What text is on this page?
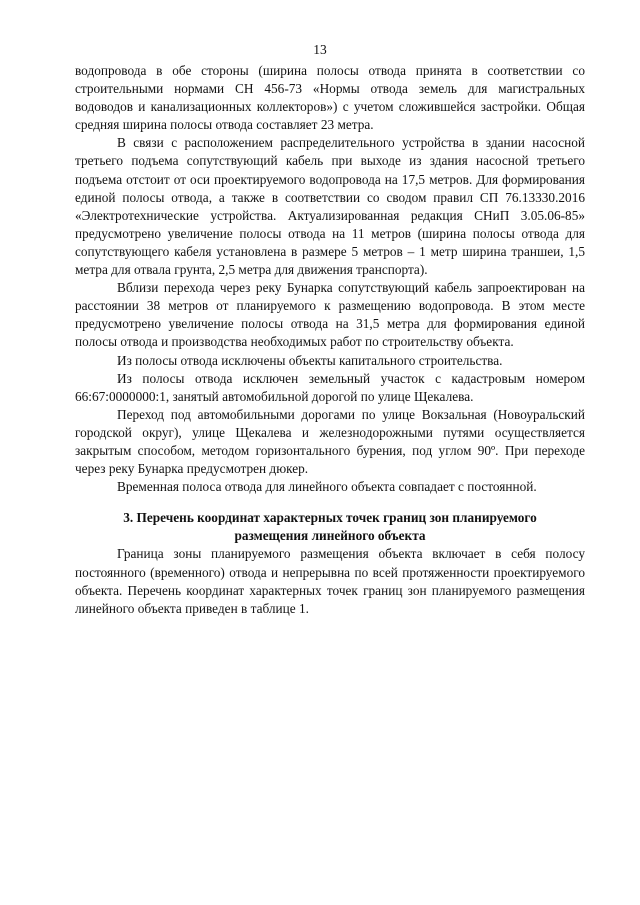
13

водопровода в обе стороны (ширина полосы отвода принята в соответствии со строительными нормами СН 456-73 «Нормы отвода земель для магистральных водоводов и канализационных коллекторов») с учетом сложившейся застройки. Общая средняя ширина полосы отвода составляет 23 метра.

В связи с расположением распределительного устройства в здании насосной третьего подъема сопутствующий кабель при выходе из здания насосной третьего подъема отстоит от оси проектируемого водопровода на 17,5 метров. Для формирования единой полосы отвода, а также в соответствии со сводом правил СП 76.13330.2016 «Электротехнические устройства. Актуализированная редакция СНиП 3.05.06-85» предусмотрено увеличение полосы отвода на 11 метров (ширина полосы отвода для сопутствующего кабеля установлена в размере 5 метров – 1 метр ширина траншеи, 1,5 метра для отвала грунта, 2,5 метра для движения транспорта).

Вблизи перехода через реку Бунарка сопутствующий кабель запроектирован на расстоянии 38 метров от планируемого к размещению водопровода. В этом месте предусмотрено увеличение полосы отвода на 31,5 метра для формирования единой полосы отвода и производства необходимых работ по строительству объекта.

Из полосы отвода исключены объекты капитального строительства.

Из полосы отвода исключен земельный участок с кадастровым номером 66:67:0000000:1, занятый автомобильной дорогой по улице Щекалева.

Переход под автомобильными дорогами по улице Вокзальная (Новоуральский городской округ), улице Щекалева и железнодорожными путями осуществляется закрытым способом, методом горизонтального бурения, под углом 90º. При переходе через реку Бунарка предусмотрен дюкер.

Временная полоса отвода для линейного объекта совпадает с постоянной.

3. Перечень координат характерных точек границ зон планируемого
размещения линейного объекта

Граница зоны планируемого размещения объекта включает в себя полосу постоянного (временного) отвода и непрерывна по всей протяженности проектируемого объекта. Перечень координат характерных точек границ зон планируемого размещения линейного объекта приведен в таблице 1.
